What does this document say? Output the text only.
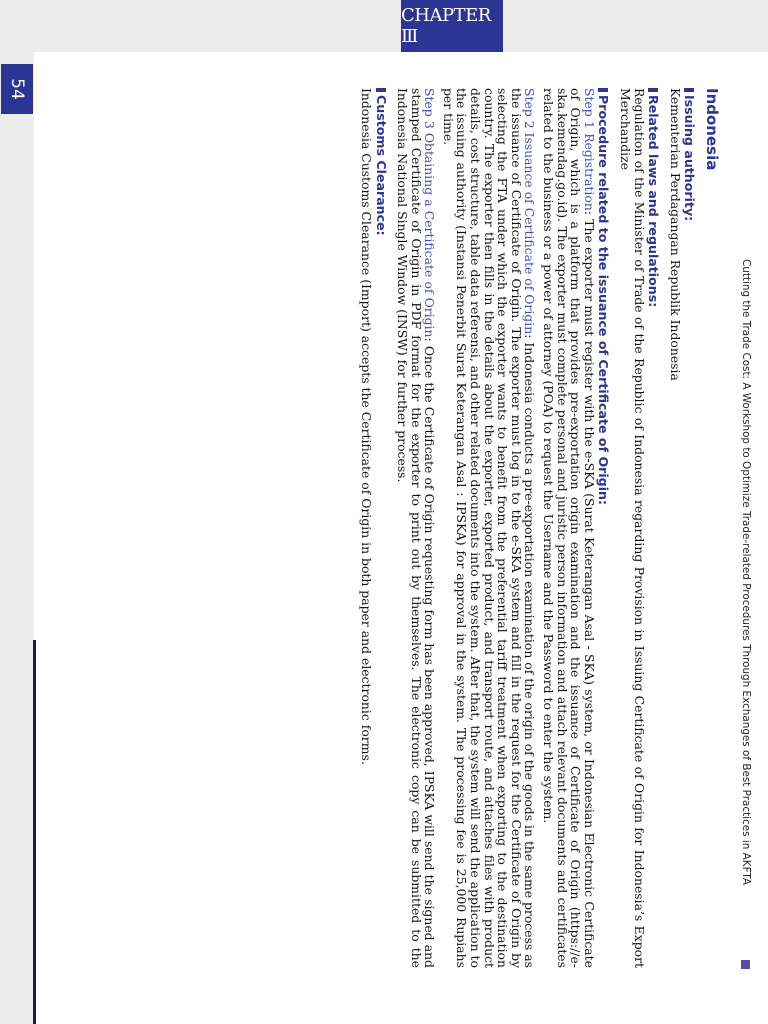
CHAPTER Ⅲ
54
Cutting the Trade Cost: A Workshop to Optimize Trade-related Procedures Through Exchanges of Best Practices in AKFTA
Indonesia
Issuing authority:

Kementerian Perdagangan Republik Indonesia

Related laws and regulations:

Regulation of the Minister of Trade of the Republic of Indonesia regarding Provision in Issuing Certificate of Origin for Indonesia’s Export Merchandize

Procedure related to the issuance of Certificate of Origin:

Step 1 Registration: The exporter must register with the e-SKA (Surat Keterangan Asal - SKA) system, or Indonesian Electronic Certificate of Origin, which is a platform that provides pre-exportation origin examination and the issuance of Certificate of Origin (https://e-ska.kemendag.go.id). The exporter must complete personal and juristic person information and attach relevant documents and certificates related to the business or a power of attorney (POA) to request the Username and the Password to enter the system.

Step 2 Issuance of Certificate of Origin: Indonesia conducts a pre-exportation examination of the origin of the goods in the same process as the issuance of Certificate of Origin. The exporter must log in to the e-SKA system and fill in the request for the Certificate of Origin by selecting the FTA under which the exporter wants to benefit from the preferential tariff treatment when exporting to the destination country. The exporter then fills in the details about the exporter, exported product, and transport route, and attaches files with product details, cost structure, table data referensi, and other related documents into the system. After that, the system will send the application to the issuing authority (Instansi Penerbit Surat Keterangan Asal : IPSKA) for approval in the system. The processing fee is 25,000 Rupiahs per time.

Step 3 Obtaining a Certificate of Origin: Once the Certificate of Origin requesting form has been approved, IPSKA will send the signed and stamped Certificate of Origin in PDF format for the exporter to print out by themselves. The electronic copy can be submitted to the Indonesia National Single Window (INSW) for further process.

Customs Clearance:

Indonesia Customs Clearance (Import) accepts the Certificate of Origin in both paper and electronic forms.
